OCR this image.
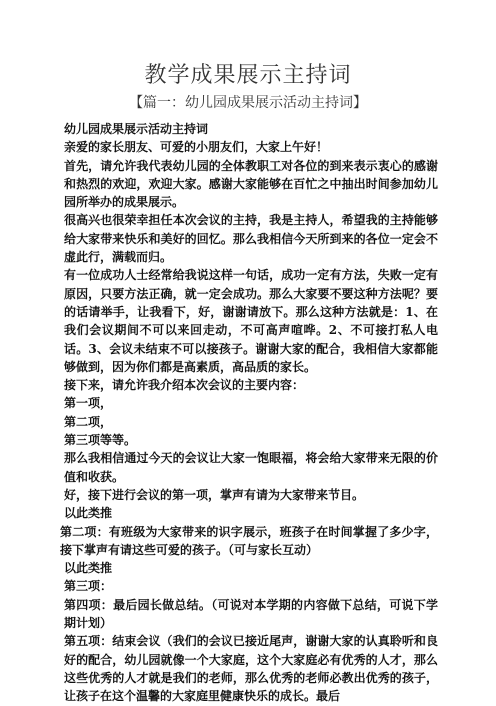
教学成果展示主持词
【篇一：幼儿园成果展示活动主持词】

幼儿园成果展示活动主持词

亲爱的家长朋友、可爱的小朋友们，大家上午好！

首先，请允许我代表幼儿园的全体教职工对各位的到来表示衷心的感谢和热烈的欢迎，欢迎大家。感谢大家能够在百忙之中抽出时间参加幼儿园所举办的成果展示。

很高兴也很荣幸担任本次会议的主持，我是主持人，希望我的主持能够给大家带来快乐和美好的回忆。那么我相信今天所到来的各位一定会不虚此行，满载而归。

有一位成功人士经常给我说这样一句话，成功一定有方法，失败一定有原因，只要方法正确，就一定会成功。那么大家要不要这种方法呢？要的话请举手，让我看下，好，谢谢请放下。那么这种方法就是：1、在我们会议期间不可以来回走动，不可高声喧哗。2、不可接打私人电话。3、会议未结束不可以接孩子。谢谢大家的配合，我相信大家都能够做到，因为你们都是高素质，高品质的家长。

接下来，请允许我介绍本次会议的主要内容：

第一项，

第二项，

第三项等等。

那么我相信通过今天的会议让大家一饱眼福，将会给大家带来无限的价值和收获。

好，接下进行会议的第一项，掌声有请为大家带来节目。

以此类推

第二项：有班级为大家带来的识字展示，班孩子在时间掌握了多少字，接下掌声有请这些可爱的孩子。（可与家长互动）

以此类推

第三项：

第四项：最后园长做总结。（可说对本学期的内容做下总结，可说下学期计划）

第五项：结束会议（我们的会议已接近尾声，谢谢大家的认真聆听和良好的配合，幼儿园就像一个大家庭，这个大家庭必有优秀的人才，那么这些优秀的人才就是我们的老师，那么优秀的老师必教出优秀的孩子，让孩子在这个温馨的大家庭里健康快乐的成长。最后
